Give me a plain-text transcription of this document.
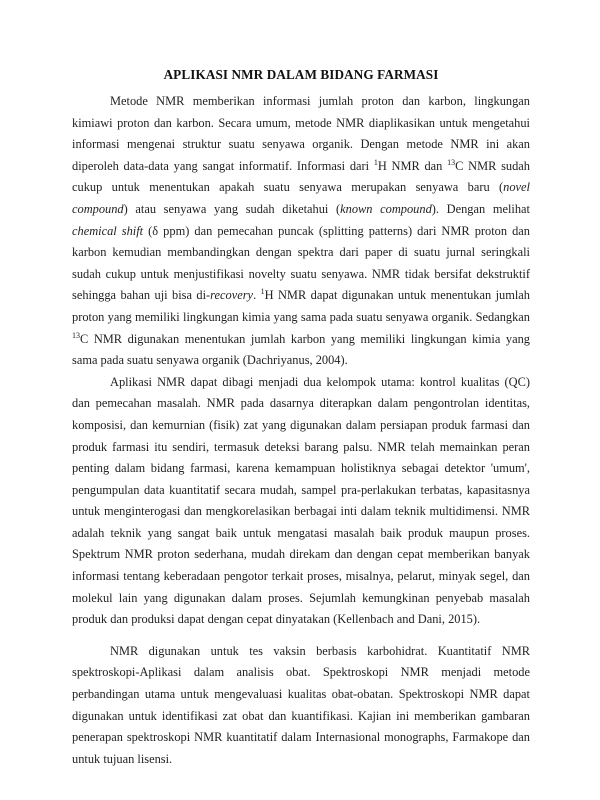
APLIKASI NMR DALAM BIDANG FARMASI

Metode NMR memberikan informasi jumlah proton dan karbon, lingkungan kimiawi proton dan karbon. Secara umum, metode NMR diaplikasikan untuk mengetahui informasi mengenai struktur suatu senyawa organik. Dengan metode NMR ini akan diperoleh data-data yang sangat informatif. Informasi dari $^1$H NMR dan $^{13}$C NMR sudah cukup untuk menentukan apakah suatu senyawa merupakan senyawa baru (novel compound) atau senyawa yang sudah diketahui (known compound). Dengan melihat chemical shift (δ ppm) dan pemecahan puncak (splitting patterns) dari NMR proton dan karbon kemudian membandingkan dengan spektra dari paper di suatu jurnal seringkali sudah cukup untuk menjustifikasi novelty suatu senyawa. NMR tidak bersifat dekstruktif sehingga bahan uji bisa di-recovery. $^1$H NMR dapat digunakan untuk menentukan jumlah proton yang memiliki lingkungan kimia yang sama pada suatu senyawa organik. Sedangkan $^{13}$C NMR digunakan menentukan jumlah karbon yang memiliki lingkungan kimia yang sama pada suatu senyawa organik (Dachriyanus, 2004).

Aplikasi NMR dapat dibagi menjadi dua kelompok utama: kontrol kualitas (QC) dan pemecahan masalah. NMR pada dasarnya diterapkan dalam pengontrolan identitas, komposisi, dan kemurnian (fisik) zat yang digunakan dalam persiapan produk farmasi dan produk farmasi itu sendiri, termasuk deteksi barang palsu. NMR telah memainkan peran penting dalam bidang farmasi, karena kemampuan holistiknya sebagai detektor 'umum', pengumpulan data kuantitatif secara mudah, sampel pra-perlakukan terbatas, kapasitasnya untuk menginterogasi dan mengkorelasikan berbagai inti dalam teknik multidimensi. NMR adalah teknik yang sangat baik untuk mengatasi masalah baik produk maupun proses. Spektrum NMR proton sederhana, mudah direkam dan dengan cepat memberikan banyak informasi tentang keberadaan pengotor terkait proses, misalnya, pelarut, minyak segel, dan molekul lain yang digunakan dalam proses. Sejumlah kemungkinan penyebab masalah produk dan produksi dapat dengan cepat dinyatakan (Kellenbach and Dani, 2015).

NMR digunakan untuk tes vaksin berbasis karbohidrat. Kuantitatif NMR spektroskopi-Aplikasi dalam analisis obat. Spektroskopi NMR menjadi metode perbandingan utama untuk mengevaluasi kualitas obat-obatan. Spektroskopi NMR dapat digunakan untuk identifikasi zat obat dan kuantifikasi. Kajian ini memberikan gambaran penerapan spektroskopi NMR kuantitatif dalam Internasional monographs, Farmakope dan untuk tujuan lisensi.
